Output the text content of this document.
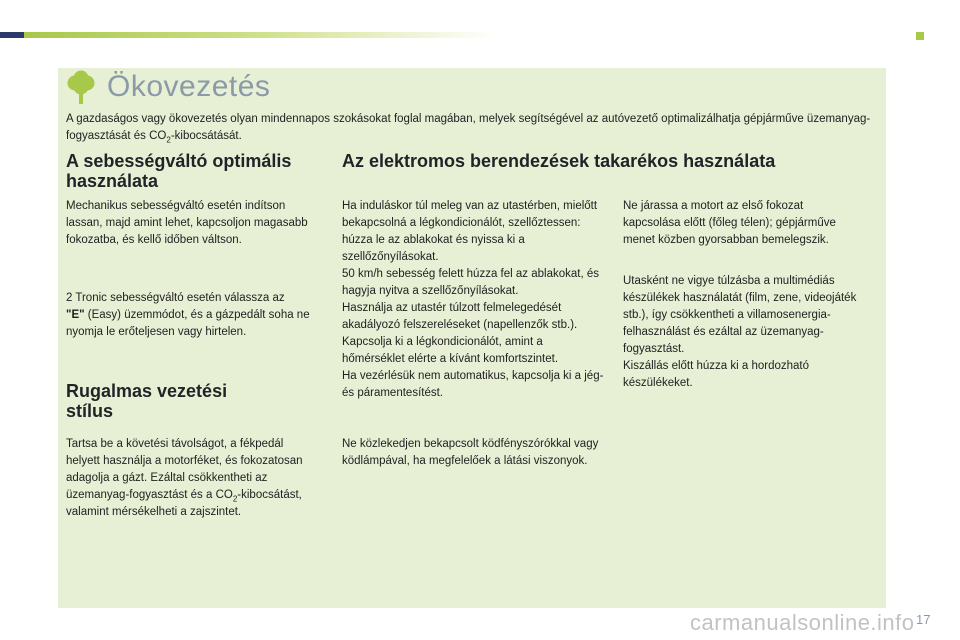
Ökovezetés

A gazdaságos vagy ökovezetés olyan mindennapos szokásokat foglal magában, melyek segítségével az autóvezető optimalizálhatja gépjárműve üzemanyag-fogyasztását és $CO_2$-kibocsátását.

A sebességváltó optimális
használata

Mechanikus sebességváltó esetén indítson lassan, majd amint lehet, kapcsoljon magasabb fokozatba, és kellő időben váltson.

2 Tronic sebességváltó esetén válassza az
"E" (Easy) üzemmódot, és a gázpedált soha ne nyomja le erőteljesen vagy hirtelen.

Rugalmas vezetési
stílus

Tartsa be a követési távolságot, a fékpedál helyett használja a motorféket, és fokozatosan adagolja a gázt. Ezáltal csökkentheti az üzemanyag-fogyasztást és a $CO_2$-kibocsátást, valamint mérsékelheti a zajszintet.

Az elektromos berendezések takarékos használata
Ha induláskor túl meleg van az utastérben, mielőtt bekapcsolná a légkondicionálót, szellőztessen: húzza le az ablakokat és nyissa ki a szellőzőnyílásokat.
50 km/h sebesség felett húzza fel az ablakokat, és hagyja nyitva a szellőzőnyílásokat.
Használja az utastér túlzott felmelegedését akadályozó felszereléseket (napellenzők stb.).
Kapcsolja ki a légkondicionálót, amint a hőmérséklet elérte a kívánt komfortszintet.
Ha vezérlésük nem automatikus, kapcsolja ki a jég- és páramentesítést.

Ne közlekedjen bekapcsolt ködfényszórókkal vagy ködlámpával, ha megfelelőek a látási viszonyok.

Ne járassa a motort az első fokozat kapcsolása előtt (főleg télen); gépjárműve menet közben gyorsabban bemelegszik.

Utasként ne vigye túlzásba a multimédiás készülékek használatát (film, zene, videojáték stb.), így csökkentheti a villamosenergia-felhasználást és ezáltal az üzemanyag-fogyasztást.
Kiszállás előtt húzza ki a hordozható készülékeket.
carmanualsonline.info 17
